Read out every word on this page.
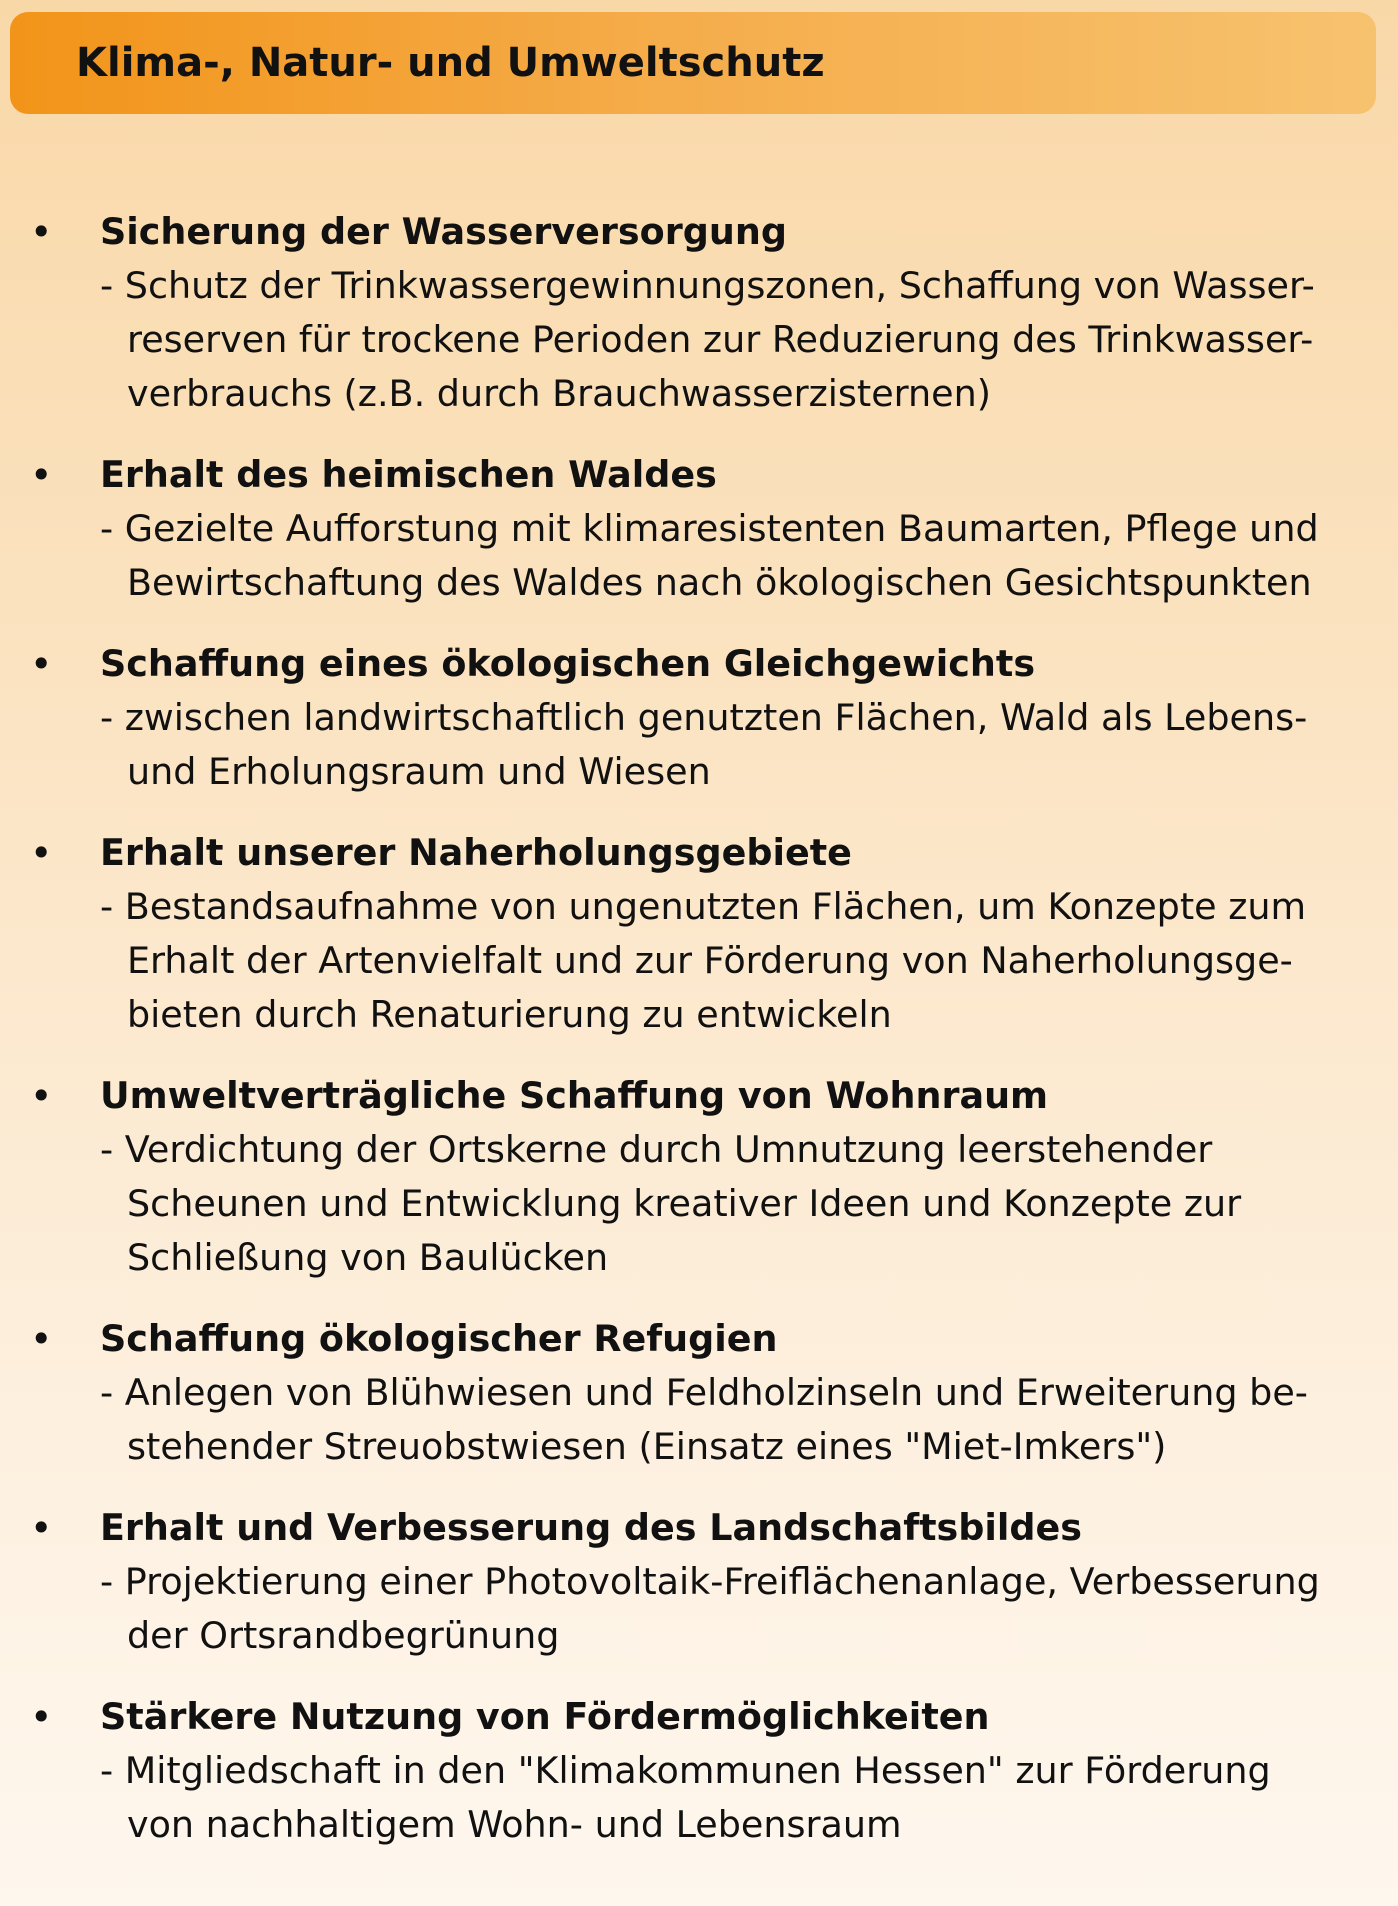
Klima-, Natur- und Umweltschutz
• Sicherung der Wasserversorgung
- Schutz der Trinkwassergewinnungszonen, Schaffung von Wasser-
reserven für trockene Perioden zur Reduzierung des Trinkwasser-
verbrauchs (z.B. durch Brauchwasserzisternen)
• Erhalt des heimischen Waldes
- Gezielte Aufforstung mit klimaresistenten Baumarten, Pflege und
Bewirtschaftung des Waldes nach ökologischen Gesichtspunkten
• Schaffung eines ökologischen Gleichgewichts
- zwischen landwirtschaftlich genutzten Flächen, Wald als Lebens-
und Erholungsraum und Wiesen
• Erhalt unserer Naherholungsgebiete
- Bestandsaufnahme von ungenutzten Flächen, um Konzepte zum
Erhalt der Artenvielfalt und zur Förderung von Naherholungsge-
bieten durch Renaturierung zu entwickeln
• Umweltverträgliche Schaffung von Wohnraum
- Verdichtung der Ortskerne durch Umnutzung leerstehender
Scheunen und Entwicklung kreativer Ideen und Konzepte zur
Schließung von Baulücken
• Schaffung ökologischer Refugien
- Anlegen von Blühwiesen und Feldholzinseln und Erweiterung be-
stehender Streuobstwiesen (Einsatz eines "Miet-Imkers")
• Erhalt und Verbesserung des Landschaftsbildes
- Projektierung einer Photovoltaik-Freiflächenanlage, Verbesserung
der Ortsrandbegrünung
• Stärkere Nutzung von Fördermöglichkeiten
- Mitgliedschaft in den "Klimakommunen Hessen" zur Förderung
von nachhaltigem Wohn- und Lebensraum
